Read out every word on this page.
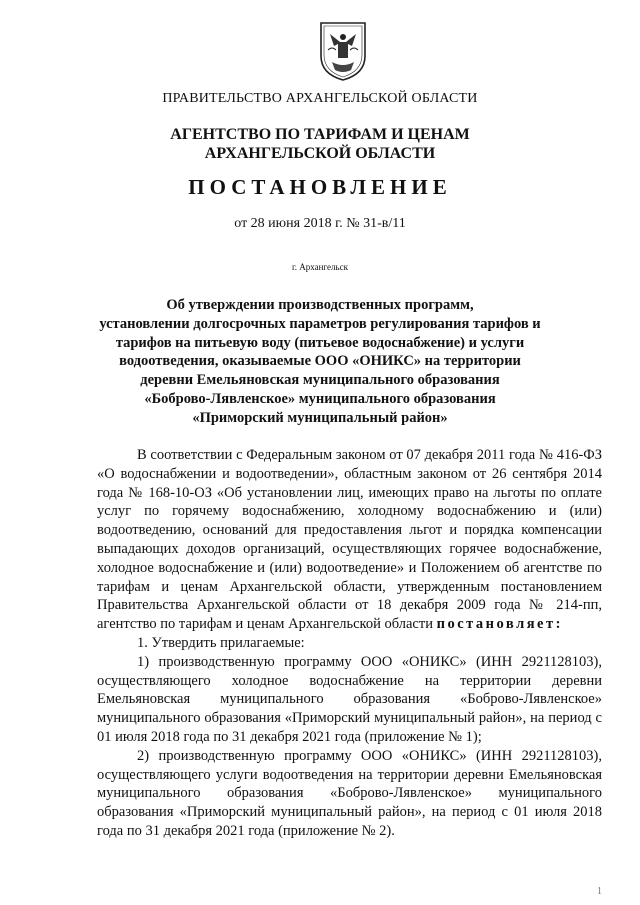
ПРАВИТЕЛЬСТВО АРХАНГЕЛЬСКОЙ ОБЛАСТИ
АГЕНТСТВО ПО ТАРИФАМ И ЦЕНАМ
АРХАНГЕЛЬСКОЙ ОБЛАСТИ
ПОСТАНОВЛЕНИЕ
от 28 июня 2018 г. № 31-в/11
г. Архангельск
Об утверждении производственных программ,
установлении долгосрочных параметров регулирования тарифов и
тарифов на питьевую воду (питьевое водоснабжение) и услуги
водоотведения, оказываемые ООО «ОНИКС» на территории
деревни Емельяновская муниципального образования
«Боброво-Лявленское» муниципального образования
«Приморский муниципальный район»

В соответствии с Федеральным законом от 07 декабря 2011 года № 416-ФЗ «О водоснабжении и водоотведении», областным законом от 26 сентября 2014 года № 168-10-ОЗ «Об установлении лиц, имеющих право на льготы по оплате услуг по горячему водоснабжению, холодному водоснабжению и (или) водоотведению, оснований для предоставления льгот и порядка компенсации выпадающих доходов организаций, осуществляющих горячее водоснабжение, холодное водоснабжение и (или) водоотведение» и Положением об агентстве по тарифам и ценам Архангельской области, утвержденным постановлением Правительства Архангельской области от 18 декабря 2009 года № 214-пп, агентство по тарифам и ценам Архангельской области постановляет:

1. Утвердить прилагаемые:

1) производственную программу ООО «ОНИКС» (ИНН 2921128103), осуществляющего холодное водоснабжение на территории деревни Емельяновская муниципального образования «Боброво-Лявленское» муниципального образования «Приморский муниципальный район», на период с 01 июля 2018 года по 31 декабря 2021 года (приложение № 1);

2) производственную программу ООО «ОНИКС» (ИНН 2921128103), осуществляющего услуги водоотведения на территории деревни Емельяновская муниципального образования «Боброво-Лявленское» муниципального образования «Приморский муниципальный район», на период с 01 июля 2018 года по 31 декабря 2021 года (приложение № 2).

1
